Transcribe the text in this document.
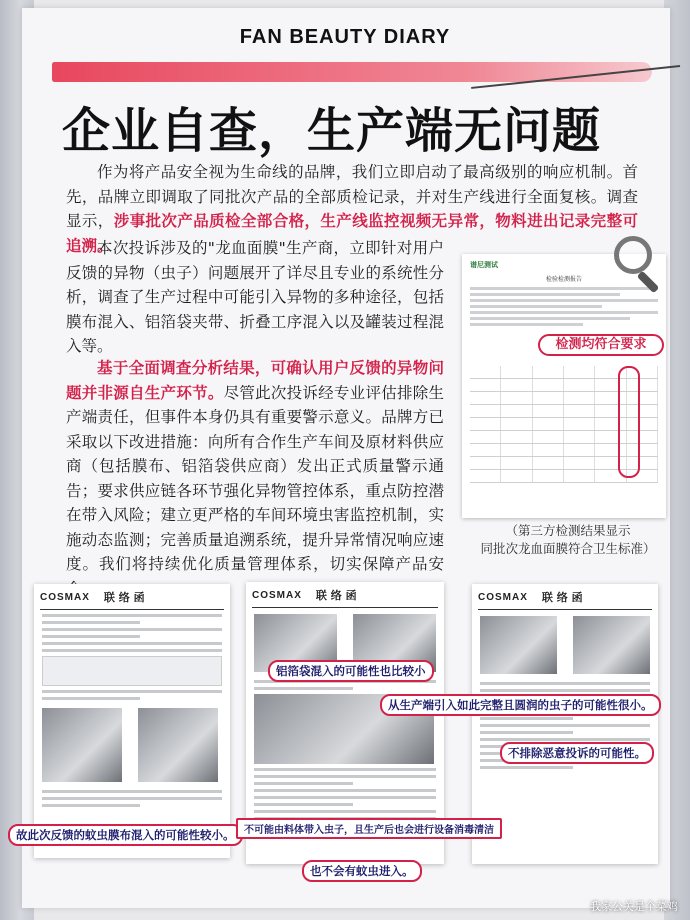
FAN BEAUTY DIARY
企业自查，生产端无问题

作为将产品安全视为生命线的品牌，我们立即启动了最高级别的响应机制。首先，品牌立即调取了同批次产品的全部质检记录，并对生产线进行全面复核。调查显示，涉事批次产品质检全部合格，生产线监控视频无异常，物料进出记录完整可追溯。

本次投诉涉及的"龙血面膜"生产商，立即针对用户反馈的异物（虫子）问题展开了详尽且专业的系统性分析，调查了生产过程中可能引入异物的多种途径，包括膜布混入、铝箔袋夹带、折叠工序混入以及罐装过程混入等。

基于全面调查分析结果，可确认用户反馈的异物问题并非源自生产环节。尽管此次投诉经专业评估排除生产端责任，但事件本身仍具有重要警示意义。品牌方已采取以下改进措施：向所有合作生产车间及原材料供应商（包括膜布、铝箔袋供应商）发出正式质量警示通告；要求供应链各环节强化异物管控体系，重点防控潜在带入风险；建立更严格的车间环境虫害监控机制，实施动态监测；完善质量追溯系统，提升异常情况响应速度。我们将持续优化质量管理体系，切实保障产品安

谱尼测试
检验检测报告
检测均符合要求
（第三方检测结果显示
同批次龙血面膜符合卫生标准）
COSMAX 联 络 函	COSMAX 联 络 函	COSMAX 联 络 函
故此次反馈的蚊虫膜布混入的可能性较小。
铝箔袋混入的可能性也比较小
从生产端引入如此完整且圆润的虫子的可能性很小。
不排除恶意投诉的可能性。
不可能由料体带入虫子，且生产后也会进行设备消毒清洁
也不会有蚊虫进入。
我家公关是个菜鸡
